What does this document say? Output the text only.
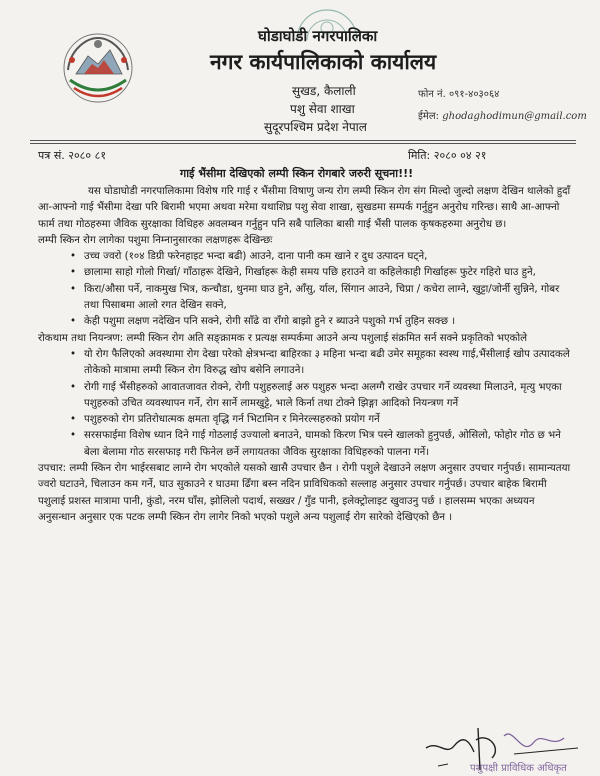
घोडाघोडी नगरपालिका
नगर कार्यपालिकाको कार्यालय
सुखड, कैलाली
पशु सेवा शाखा
सुदूरपश्चिम प्रदेश नेपाल
फोन नं. ०९१-४०३०६४
ईमेल: ghodaghodimun@gmail.com
पत्र सं. २०८० ८१	मिति: २०८० ०४ २१
गाई भैंसीमा देखिएको लम्पी स्किन रोगबारे जरुरी सूचना!!!

यस घोडाघोडी नगरपालिकामा विशेष गरि गाई र भैंसीमा विषाणु जन्य रोग लम्पी स्किन रोग संग मिल्दो जुल्दो लक्षण देखिन थालेको हुदाँ आ-आफ्नो गाई भैंसीमा देखा परि बिरामी भएमा अथवा मरेमा यथाशिघ्र पशु सेवा शाखा, सुखडमा सम्पर्क गर्नुहुन अनुरोध गरिन्छ। साथै आ-आफ्नो फार्म तथा गोठहरुमा जैविक सुरक्षाका विधिहरु अवलम्बन गर्नुहुन पनि सबै पालिका बासी गाई भैंसी पालक कृषकहरुमा अनुरोध छ।

लम्पी स्किन रोग लागेका पशुमा निम्नानुसारका लक्षणहरू देखिन्छः

• उच्च ज्वरो (१०४ डिग्री फरेनहाइट भन्दा बढी) आउने, दाना पानी कम खाने र दुध उत्पादन घट्ने,
• छालामा साहो गोलो गिर्खा/ गाँठाहरू देखिने, गिर्खाहरू केही समय पछि हराउने वा कहिलेकाही गिर्खाहरू फुटेर गहिरो घाउ हुने,
• किरा/औसा पर्ने, नाकमुख भित्र, कन्चौडा, थुनमा घाउ हुने, आँसु, र्याल, सिंगान आउने, चिप्रा / कचेरा लाग्ने, खुट्टा/जोर्नी सुन्निने, गोबर तथा पिसाबमा आलो रगत देखिन सक्ने,
• केही पशुमा लक्षण नदेखिन पनि सक्ने, रोगी साँढे वा राँगो बाझो हुने र ब्याउने पशुको गर्भ तुहिन सक्छ ।

रोकथाम तथा नियन्त्रण: लम्पी स्किन रोग अति सङ्क्रामक र प्रत्यक्ष सम्पर्कमा आउने अन्य पशुलाई संक्रमित सर्न सक्ने प्रकृतिको भएकोले

• यो रोग फैलिएको अवस्थामा रोग देखा परेको क्षेत्रभन्दा बाहिरका ३ महिना भन्दा बढी उमेर समूहका स्वस्थ गाई,भैंसीलाई खोप उत्पादकले तोकेको मात्रामा लम्पी स्किन रोग विरुद्ध खोप बसेनि लगाउने।
• रोगी गाई भैंसीहरुको आवातजावत रोक्ने, रोगी पशुहरुलाई अरु पशुहरु भन्दा अलग्गै राखेर उपचार गर्ने व्यवस्था मिलाउने, मृत्यु भएका पशुहरुको उचित व्यवस्थापन गर्ने, रोग सार्ने लामखुट्टे, भाले किर्ना तथा टोक्ने झिङ्गा आदिको नियन्त्रण गर्ने
• पशुहरुको रोग प्रतिरोधात्मक क्षमता वृद्धि गर्न भिटामिन र मिनेरल्सहरुको प्रयोग गर्ने
• सरसफाईमा विशेष ध्यान दिने गाई गोठलाई उज्यालो बनाउने, घामको किरण भित्र पस्ने खालको हुनुपर्छ, ओसिलो, फोहोर गोठ छ भने बेला बेलामा गोठ सरसफाइ गरी फिनेल छर्ने लगायतका जैविक सुरक्षाका विधिहरुको पालना गर्ने।

उपचार: लम्पी स्किन रोग भाईरसबाट लाग्ने रोग भएकोले यसको खासै उपचार छैन । रोगी पशुले देखाउने लक्षण अनुसार उपचार गर्नुपर्छ। सामान्यतया ज्वरो घटाउने, चिलाउन कम गर्ने, घाउ सुकाउने र घाउमा ढिँगा बस्न नदिन प्राविधिकको सल्लाह अनुसार उपचार गर्नुपर्छ। उपचार बाहेक बिरामी पशुलाई प्रशस्त मात्रामा पानी, कुंडो, नरम घाँस, झोलिलो पदार्थ, सख्खर / गुँड पानी, इलेक्ट्रोलाइट खुवाउनु पर्छ । हालसम्म भएका अध्ययन अनुसन्धान अनुसार एक पटक लम्पी स्किन रोग लागेर निको भएको पशुले अन्य पशुलाई रोग सारेको देखिएको छैन ।

पशुपक्षी प्राविधिक अधिकृत
